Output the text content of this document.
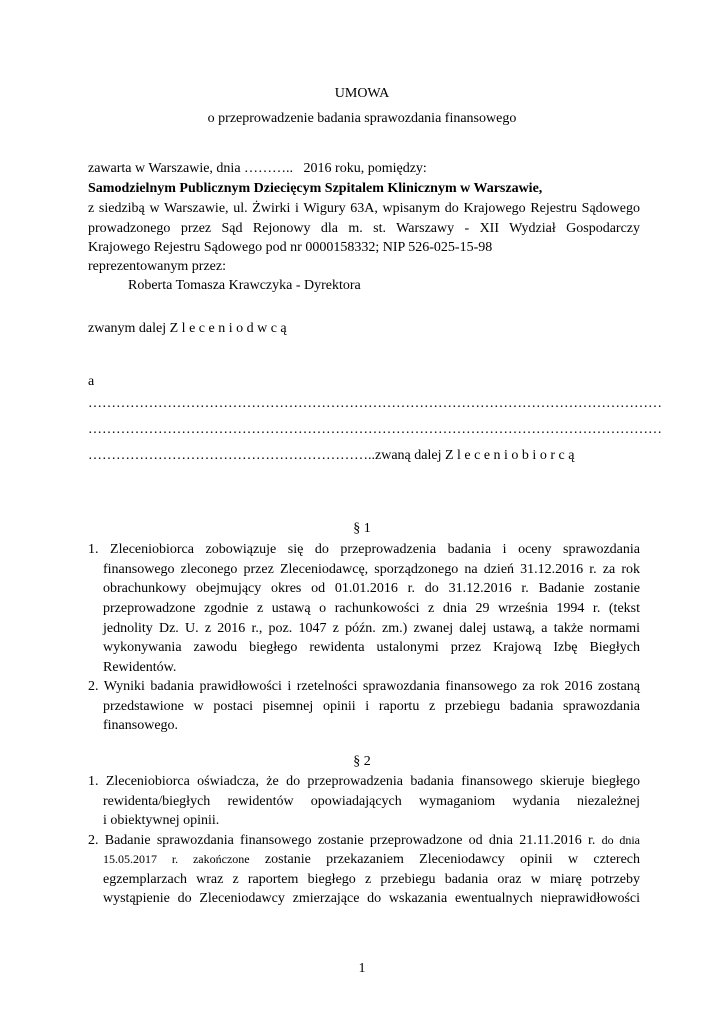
UMOWA
o przeprowadzenie badania sprawozdania finansowego
zawarta w Warszawie, dnia ………..   2016 roku, pomiędzy:
Samodzielnym Publicznym Dziecięcym Szpitalem Klinicznym w Warszawie,
z siedzibą w Warszawie, ul. Żwirki i Wigury 63A, wpisanym do Krajowego Rejestru Sądowego
prowadzonego przez Sąd Rejonowy dla m. st. Warszawy - XII Wydział Gospodarczy
Krajowego Rejestru Sądowego pod nr 0000158332; NIP 526-025-15-98
reprezentowanym przez:
Roberta Tomasza Krawczyka - Dyrektora
zwanym dalej Z l e c e n i o d w c ą
a
……………………………………………………………………………………………………………
……………………………………………………………………………………………………………
……………………………………………………..zwaną dalej Z l e c e n i o b i o r c ą
§ 1
1. Zleceniobiorca zobowiązuje się do przeprowadzenia badania i oceny sprawozdania
finansowego zleconego przez Zleceniodawcę, sporządzonego na dzień 31.12.2016 r. za rok
obrachunkowy obejmujący okres od 01.01.2016 r. do 31.12.2016 r. Badanie zostanie
przeprowadzone zgodnie z ustawą o rachunkowości z dnia 29 września 1994 r. (tekst
jednolity Dz. U. z 2016 r., poz. 1047 z późn. zm.) zwanej dalej ustawą, a także normami
wykonywania zawodu biegłego rewidenta ustalonymi przez Krajową Izbę Biegłych
Rewidentów.
2. Wyniki badania prawidłowości i rzetelności sprawozdania finansowego za rok 2016 zostaną
przedstawione w postaci pisemnej opinii i raportu z przebiegu badania sprawozdania
finansowego.
§ 2
1. Zleceniobiorca oświadcza, że do przeprowadzenia badania finansowego skieruje biegłego
rewidenta/biegłych rewidentów opowiadających wymaganiom wydania niezależnej
i obiektywnej opinii.
2. Badanie sprawozdania finansowego zostanie przeprowadzone od dnia 21.11.2016 r. do dnia
15.05.2017 r. zakończone zostanie przekazaniem Zleceniodawcy opinii w czterech
egzemplarzach wraz z raportem biegłego z przebiegu badania oraz w miarę potrzeby
wystąpienie do Zleceniodawcy zmierzające do wskazania ewentualnych nieprawidłowości
1
